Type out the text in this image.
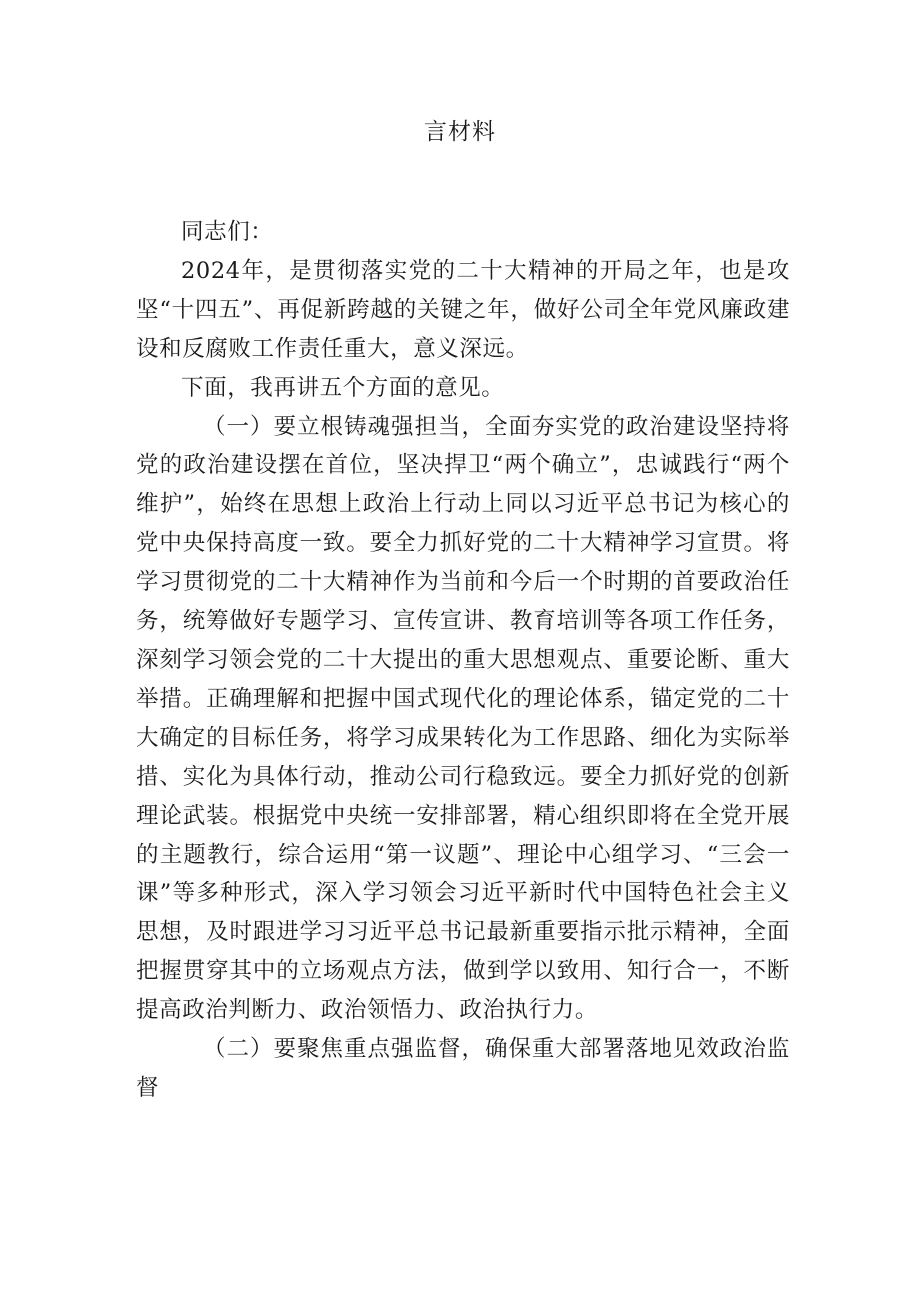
言材料

同志们：

2024年，是贯彻落实党的二十大精神的开局之年，也是攻坚“十四五”、再促新跨越的关键之年，做好公司全年党风廉政建设和反腐败工作责任重大，意义深远。

下面，我再讲五个方面的意见。

（一）要立根铸魂强担当，全面夯实党的政治建设坚持将党的政治建设摆在首位，坚决捍卫“两个确立”，忠诚践行“两个维护”，始终在思想上政治上行动上同以习近平总书记为核心的党中央保持高度一致。要全力抓好党的二十大精神学习宣贯。将学习贯彻党的二十大精神作为当前和今后一个时期的首要政治任务，统筹做好专题学习、宣传宣讲、教育培训等各项工作任务，深刻学习领会党的二十大提出的重大思想观点、重要论断、重大举措。正确理解和把握中国式现代化的理论体系，锚定党的二十大确定的目标任务，将学习成果转化为工作思路、细化为实际举措、实化为具体行动，推动公司行稳致远。要全力抓好党的创新理论武装。根据党中央统一安排部署，精心组织即将在全党开展的主题教行，综合运用“第一议题”、理论中心组学习、“三会一课”等多种形式，深入学习领会习近平新时代中国特色社会主义思想，及时跟进学习习近平总书记最新重要指示批示精神，全面把握贯穿其中的立场观点方法，做到学以致用、知行合一，不断提高政治判断力、政治领悟力、政治执行力。

（二）要聚焦重点强监督，确保重大部署落地见效政治监督
